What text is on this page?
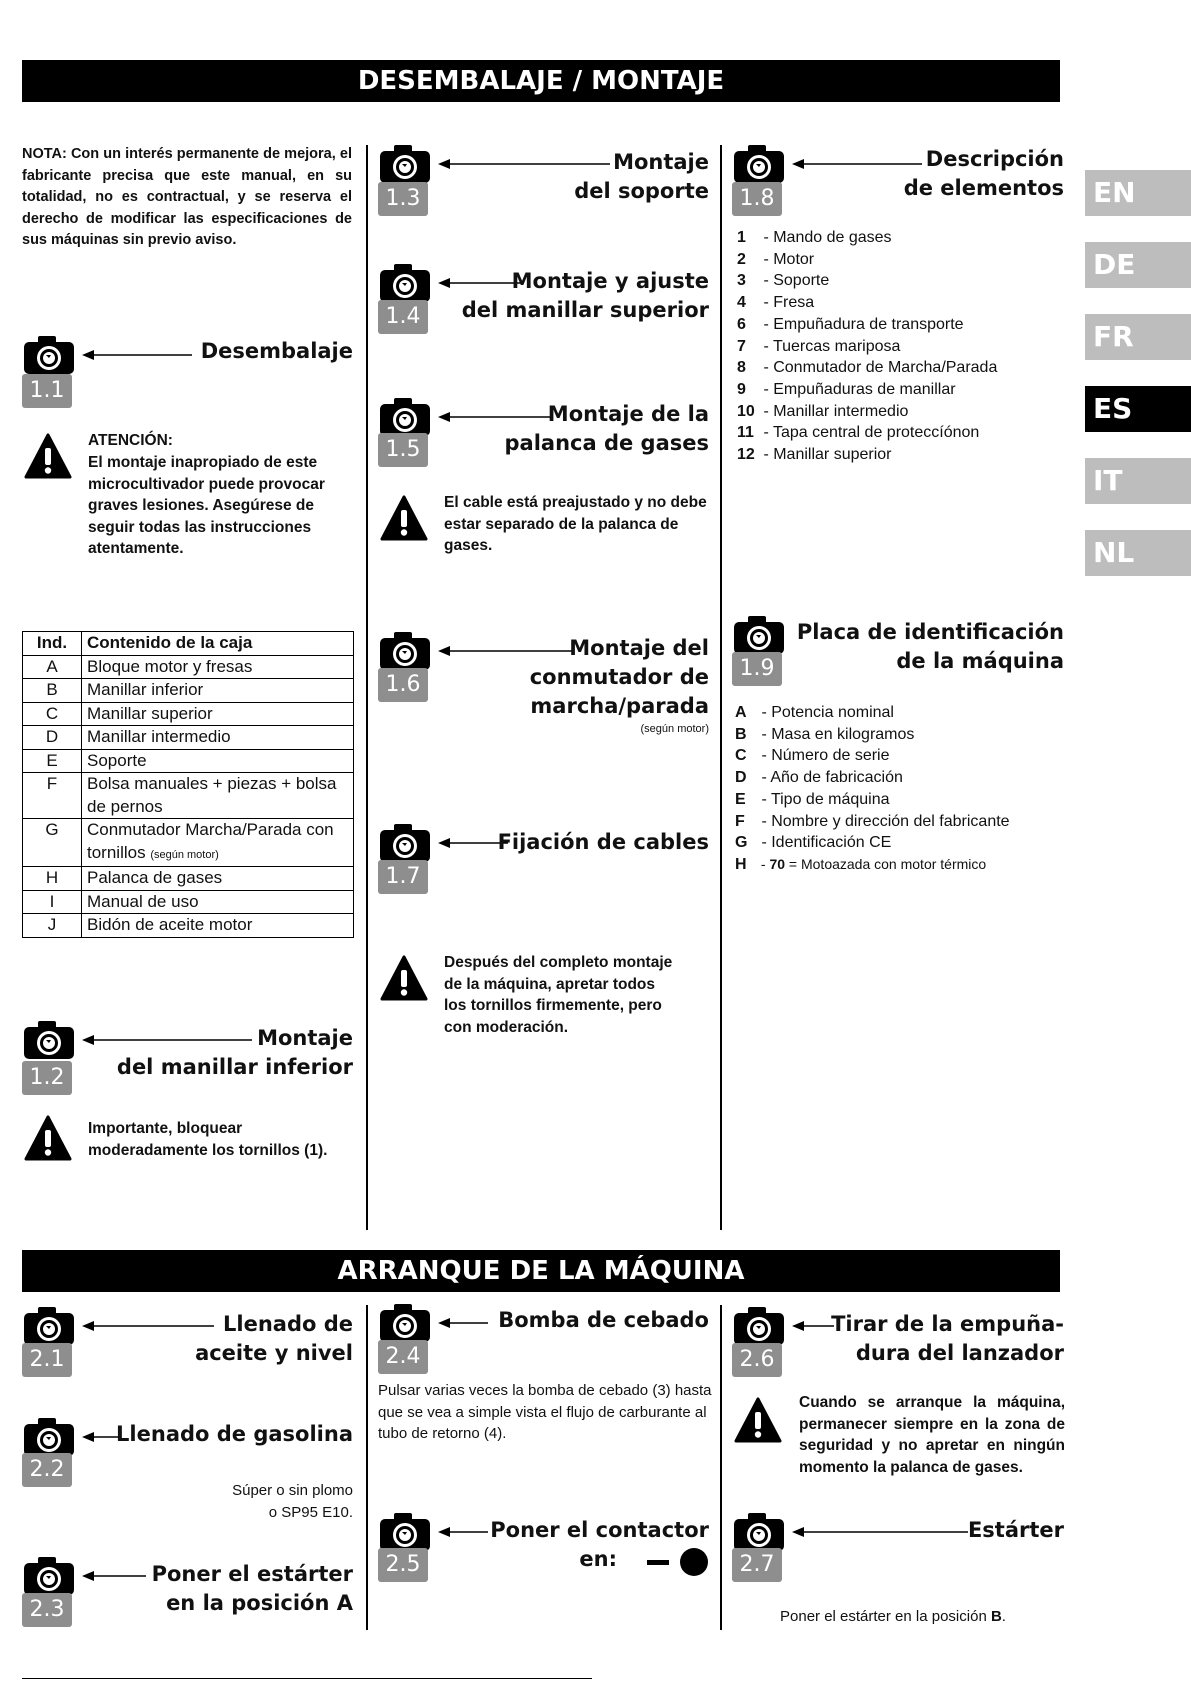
DESEMBALAJE / MONTAJE
ARRANQUE DE LA MÁQUINA
EN
DE
FR
ES
IT
NL
NOTA: Con un interés permanente de mejora, el fabricante precisa que este manual, en su totalidad, no es contractual, y se reserva el derecho de modificar las especificaciones de sus máquinas sin previo aviso.
Desembalaje
1.1
ATENCIÓN:
El montaje inapropiado de este microcultivador puede provocar graves lesiones. Asegúrese de seguir todas las instrucciones atentamente.
Ind.	Contenido de la caja
A	Bloque motor y fresas
B	Manillar inferior
C	Manillar superior
D	Manillar intermedio
E	Soporte
F	Bolsa manuales + piezas + bolsa de pernos
G	Conmutador Marcha/Parada con tornillos (según motor)
H	Palanca de gases
I	Manual de uso
J	Bidón de aceite motor
Montaje
del manillar inferior
1.2
Importante, bloquear moderadamente los tornillos (1).
Montaje
del soporte
1.3
Montaje y ajuste
del manillar superior
1.4
Montaje de la
palanca de gases
1.5
El cable está preajustado y no debe estar separado de la palanca de gases.
Montaje del
conmutador de
marcha/parada
(según motor)
1.6
Fijación de cables
1.7
Después del completo montaje de la máquina, apretar todos los tornillos firmemente, pero con moderación.
Descripción
de elementos
1.8
1 - Mando de gases
2 - Motor
3 - Soporte
4 - Fresa
6 - Empuñadura de transporte
7 - Tuercas mariposa
8 - Conmutador de Marcha/Parada
9 - Empuñaduras de manillar
10 - Manillar intermedio
11 - Tapa central de proteccíónon
12 - Manillar superior
Placa de identificación
de la máquina
1.9
A - Potencia nominal
B - Masa en kilogramos
C - Número de serie
D - Año de fabricación
E - Tipo de máquina
F - Nombre y dirección del fabricante
G - Identificación CE
H - 70 = Motoazada con motor térmico
Llenado de
aceite y nivel
2.1
Llenado de gasolina
2.2
Súper o sin plomo
o SP95 E10.
Poner el estárter
en la posición A
2.3
Bomba de cebado
2.4
Pulsar varias veces la bomba de cebado (3) hasta que se vea a simple vista el flujo de carburante al tubo de retorno (4).
Poner el contactor
en:
2.5
Tirar de la empuña-
dura del lanzador
2.6
Cuando se arranque la máquina, permanecer siempre en la zona de seguridad y no apretar en ningún momento la palanca de gases.
Estárter
2.7
Poner el estárter en la posición B.
